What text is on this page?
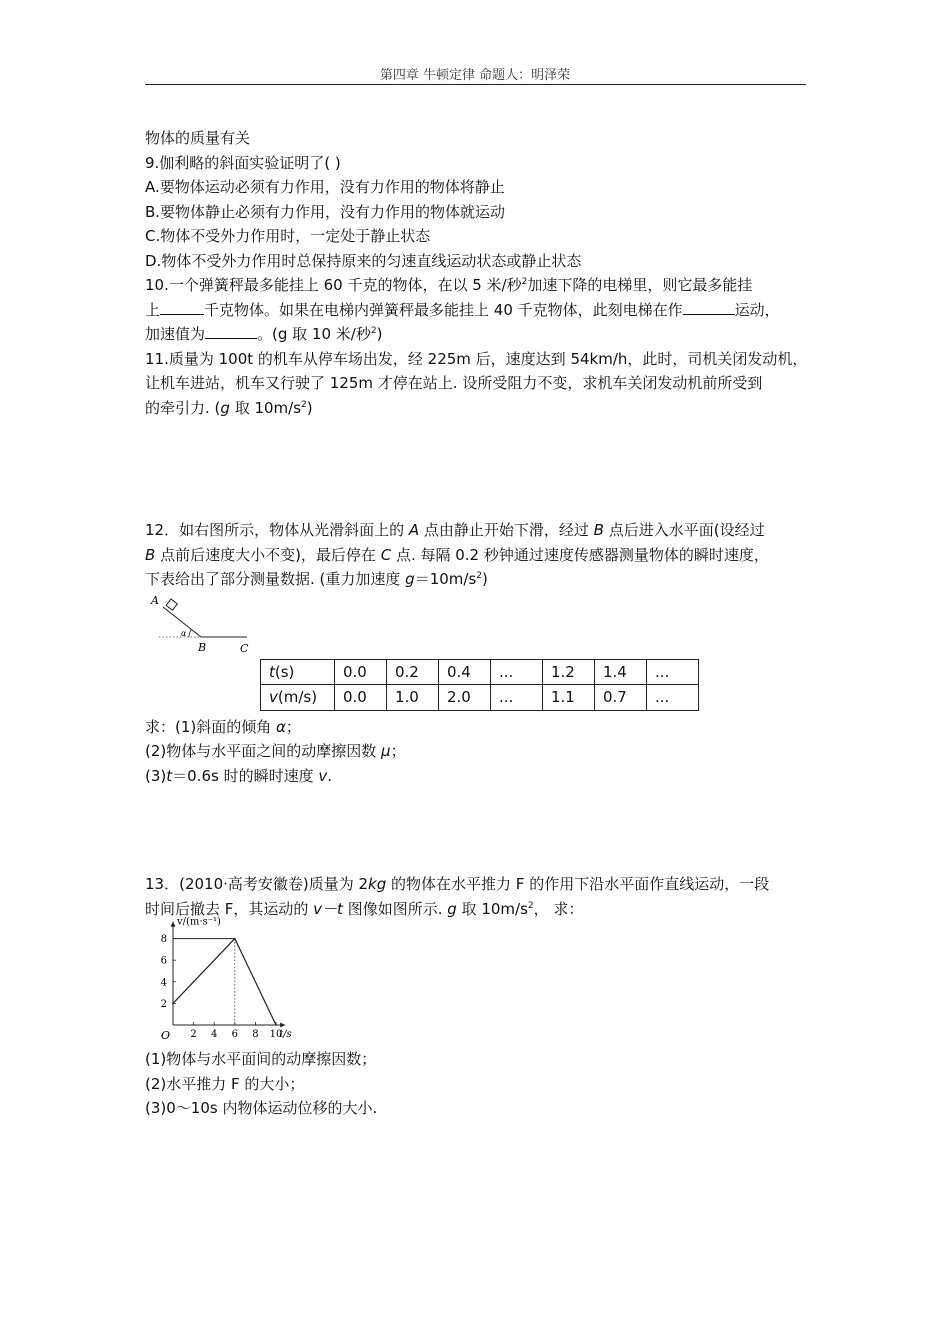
第四章 牛顿定律 命题人：明泽荣

物体的质量有关

9.伽利略的斜面实验证明了( )

A.要物体运动必须有力作用，没有力作用的物体将静止

B.要物体静止必须有力作用，没有力作用的物体就运动

C.物体不受外力作用时，一定处于静止状态

D.物体不受外力作用时总保持原来的匀速直线运动状态或静止状态

10.一个弹簧秤最多能挂上 60 千克的物体，在以 5 米/秒$^2$加速下降的电梯里，则它最多能挂

上	千克物体。如果在电梯内弹簧秤最多能挂上 40 千克物体，此刻电梯在作	运动，

加速值为	。(g 取 10 米/秒$^2$)

11.质量为 100t 的机车从停车场出发，经 225m 后，速度达到 54km/h，此时，司机关闭发动机，

让机车进站，机车又行驶了 125m 才停在站上. 设所受阻力不变，求机车关闭发动机前所受到

的牵引力. (g 取 $10m/s^2$)

12．如右图所示，物体从光滑斜面上的 A 点由静止开始下滑，经过 B 点后进入水平面(设经过

B 点前后速度大小不变)，最后停在 C 点. 每隔 0.2 秒钟通过速度传感器测量物体的瞬时速度，

下表给出了部分测量数据. (重力加速度 $g=10m/s^2$)

A
α
B	C
t(s)	0.0	0.2	0.4	...	1.2	1.4	...
v(m/s)	0.0	1.0	2.0	...	1.1	0.7	...

求：(1)斜面的倾角 α；

(2)物体与水平面之间的动摩擦因数 μ；

(3)t＝0.6s 时的瞬时速度 v.

13．(2010·高考安徽卷)质量为 2kg 的物体在水平推力 F 的作用下沿水平面作直线运动，一段

时间后撤去 F，其运动的 v－t 图像如图所示. g 取 $10m/s^2$， 求：

2 4 6 8 10
2
4
6
8
O
v/(m·s⁻¹)
t/s

(1)物体与水平面间的动摩擦因数；

(2)水平推力 F 的大小；

(3)0～10s 内物体运动位移的大小.
